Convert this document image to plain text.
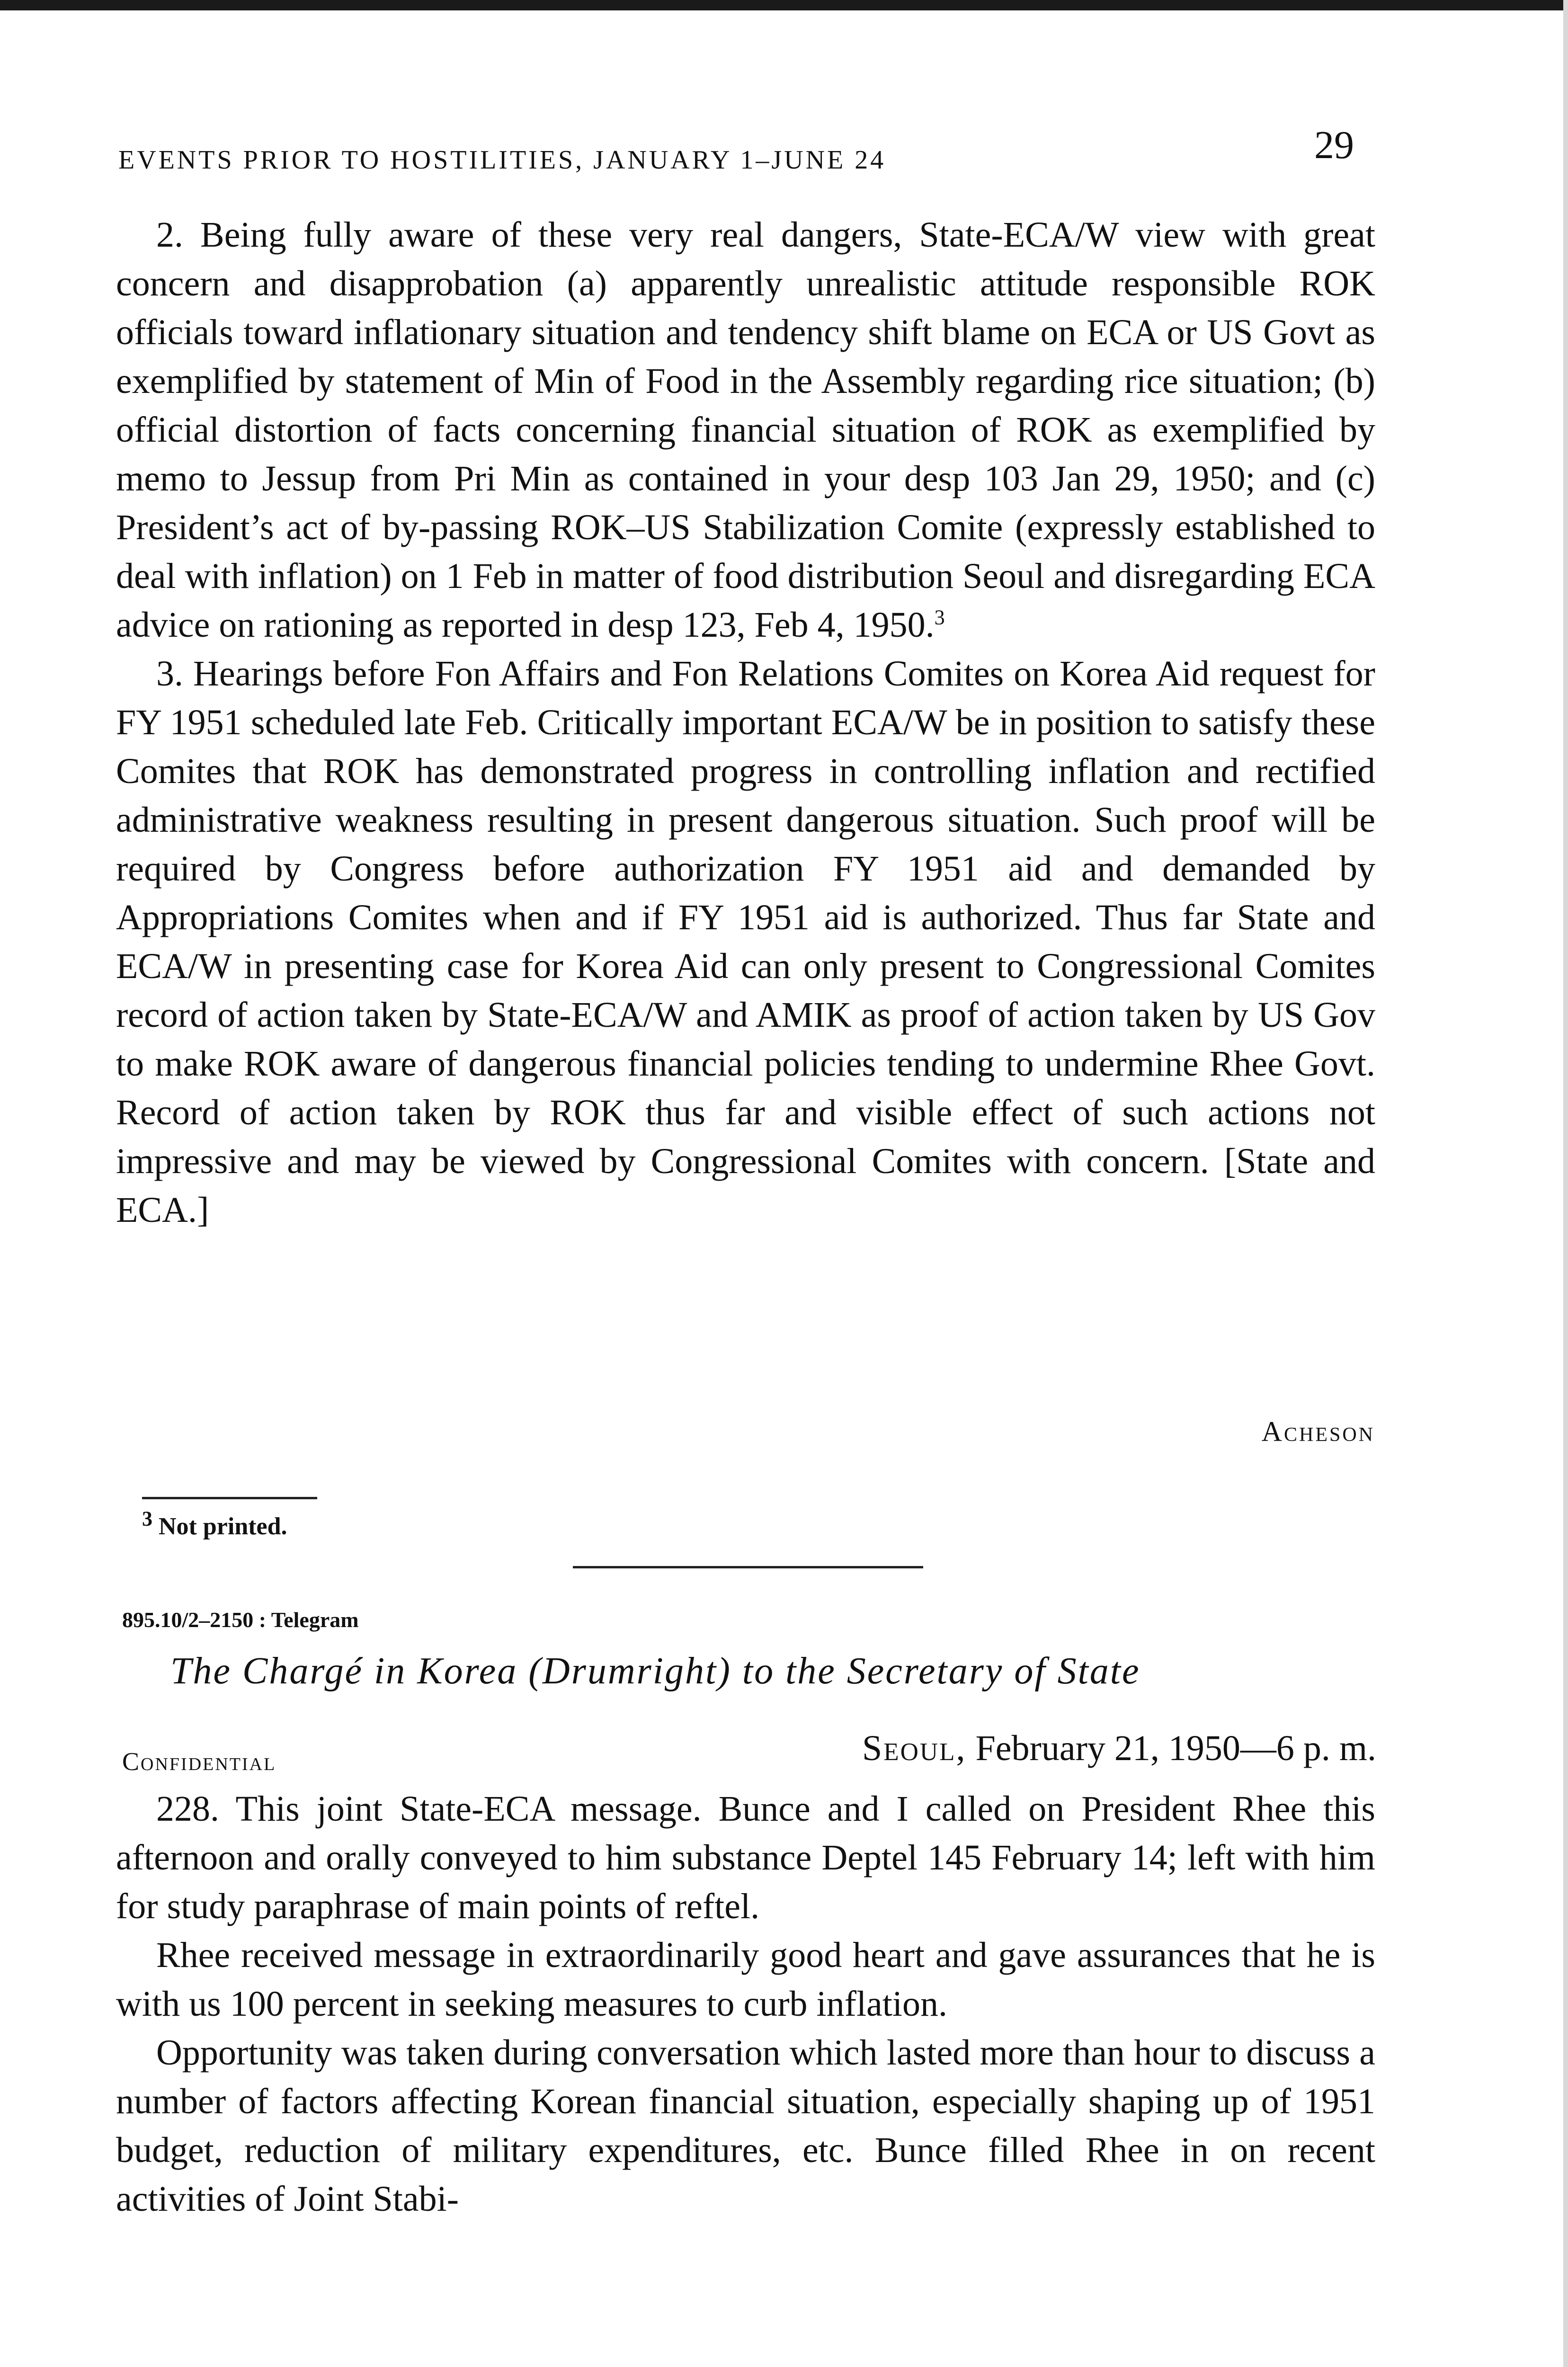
EVENTS PRIOR TO HOSTILITIES, JANUARY 1–JUNE 24	29

2. Being fully aware of these very real dangers, State-ECA/W view with great concern and disapprobation (a) apparently unrealistic attitude responsible ROK officials toward inflationary situation and tendency shift blame on ECA or US Govt as exemplified by statement of Min of Food in the Assembly regarding rice situation; (b) official distortion of facts concerning financial situation of ROK as exemplified by memo to Jessup from Pri Min as contained in your desp 103 Jan 29, 1950; and (c) President’s act of by-passing ROK–US Stabilization Comite (expressly established to deal with inflation) on 1 Feb in matter of food distribution Seoul and disregarding ECA advice on rationing as reported in desp 123, Feb 4, 1950.$^3$

3. Hearings before Fon Affairs and Fon Relations Comites on Korea Aid request for FY 1951 scheduled late Feb. Critically important ECA/W be in position to satisfy these Comites that ROK has demonstrated progress in controlling inflation and rectified administrative weakness resulting in present dangerous situation. Such proof will be required by Congress before authorization FY 1951 aid and demanded by Appropriations Comites when and if FY 1951 aid is authorized. Thus far State and ECA/W in presenting case for Korea Aid can only present to Congressional Comites record of action taken by State-ECA/W and AMIK as proof of action taken by US Gov to make ROK aware of dangerous financial policies tending to undermine Rhee Govt. Record of action taken by ROK thus far and visible effect of such actions not impressive and may be viewed by Congressional Comites with concern. [State and ECA.]

Acheson
$^3$ Not printed.
895.10/2–2150 : Telegram
The Chargé in Korea (Drumright) to the Secretary of State
Confidential	Seoul, February 21, 1950—6 p. m.

228. This joint State-ECA message. Bunce and I called on President Rhee this afternoon and orally conveyed to him substance Deptel 145 February 14; left with him for study paraphrase of main points of reftel.

Rhee received message in extraordinarily good heart and gave assurances that he is with us 100 percent in seeking measures to curb inflation.

Opportunity was taken during conversation which lasted more than hour to discuss a number of factors affecting Korean financial situation, especially shaping up of 1951 budget, reduction of military expenditures, etc. Bunce filled Rhee in on recent activities of Joint Stabi-
